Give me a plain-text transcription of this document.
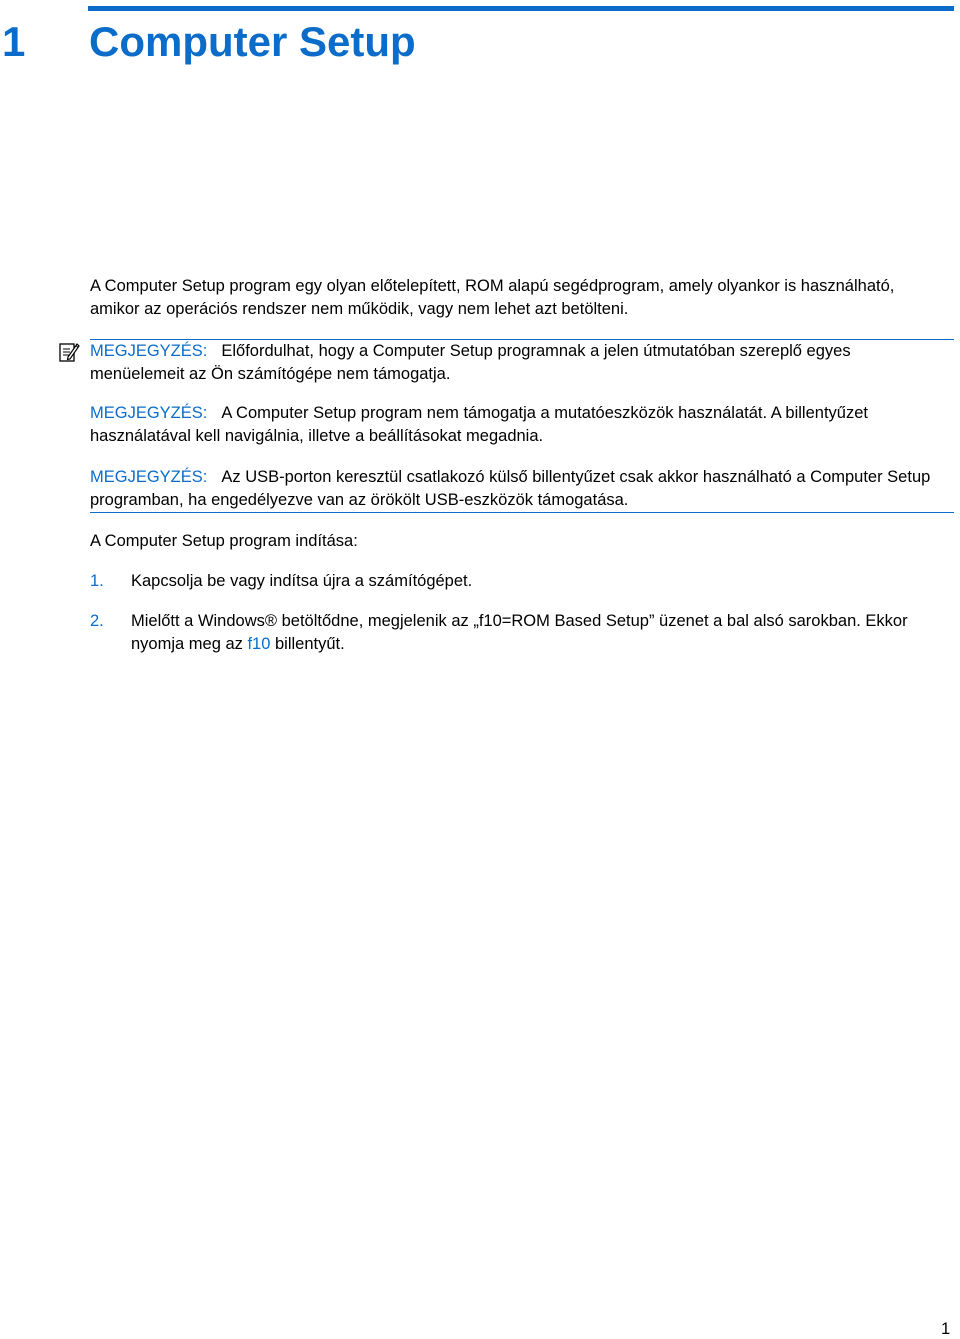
1 Computer Setup

A Computer Setup program egy olyan előtelepített, ROM alapú segédprogram, amely olyankor is használható, amikor az operációs rendszer nem működik, vagy nem lehet azt betölteni.

MEGJEGYZÉS: Előfordulhat, hogy a Computer Setup programnak a jelen útmutatóban szereplő egyes menüelemeit az Ön számítógépe nem támogatja.

MEGJEGYZÉS: A Computer Setup program nem támogatja a mutatóeszközök használatát. A billentyűzet használatával kell navigálnia, illetve a beállításokat megadnia.

MEGJEGYZÉS: Az USB-porton keresztül csatlakozó külső billentyűzet csak akkor használható a Computer Setup programban, ha engedélyezve van az örökölt USB-eszközök támogatása.

A Computer Setup program indítása:

1. Kapcsolja be vagy indítsa újra a számítógépet.
2. Mielőtt a Windows® betöltődne, megjelenik az „f10=ROM Based Setup” üzenet a bal alsó sarokban. Ekkor nyomja meg az f10 billentyűt.
1
